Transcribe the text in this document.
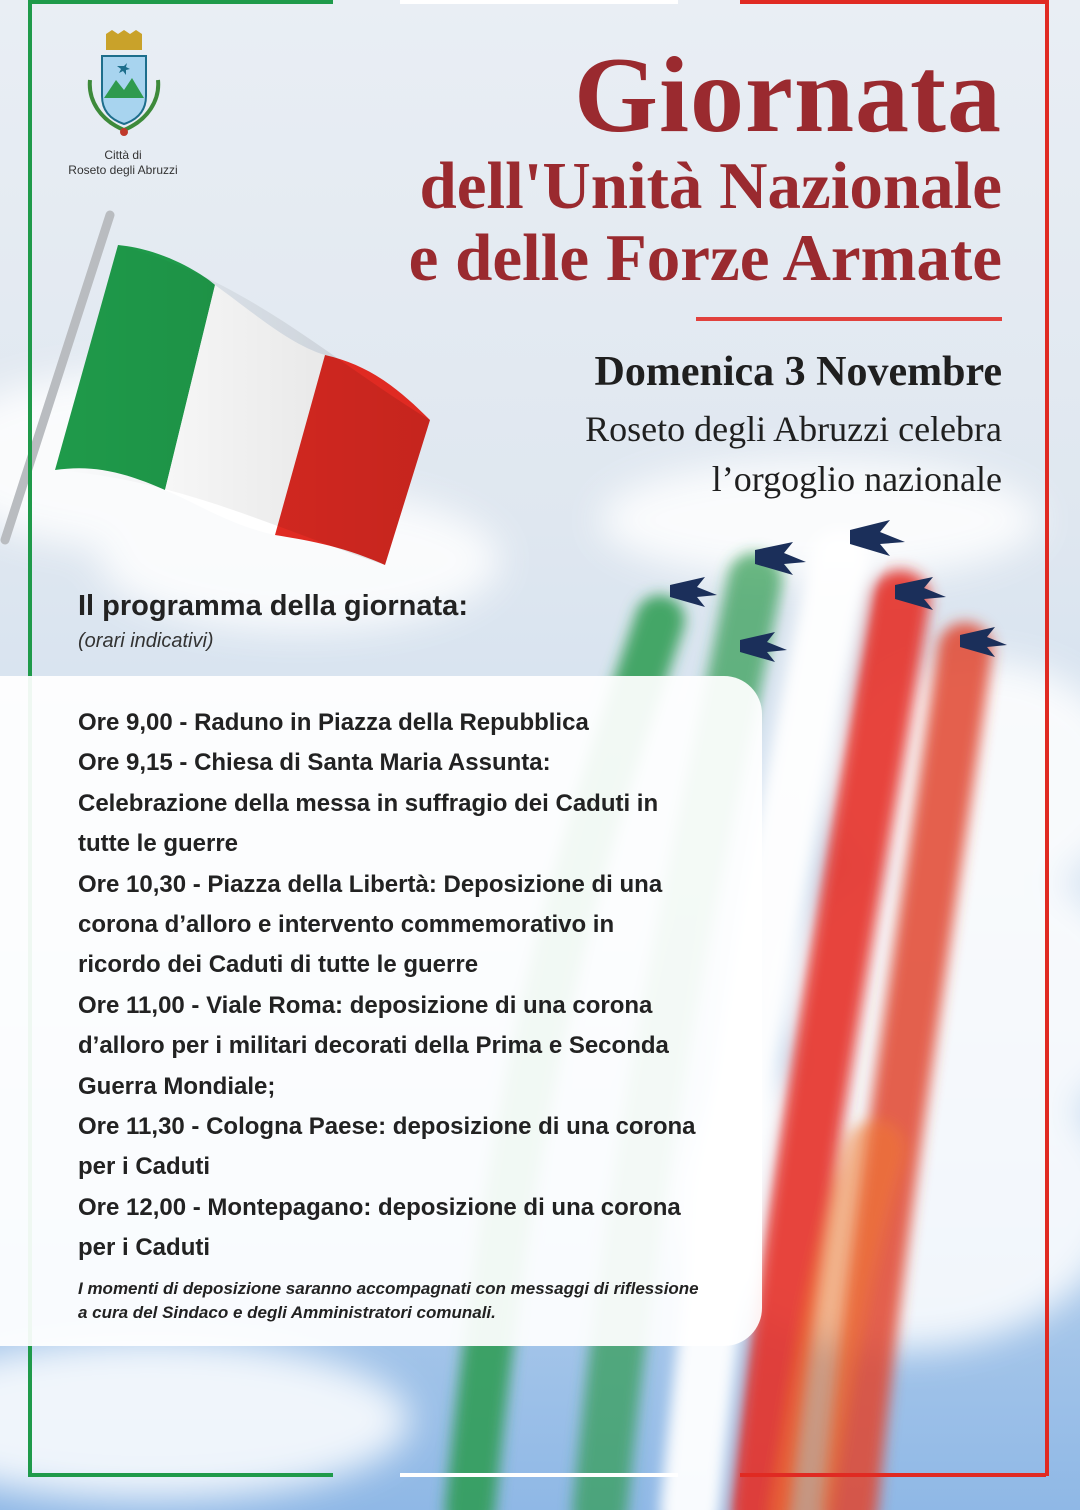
Città di
Roseto degli Abruzzi
Giornata
dell'Unità Nazionale
e delle Forze Armate

Domenica 3 Novembre

Roseto degli Abruzzi celebra
l’orgoglio nazionale

Il programma della giornata:

(orari indicativi)

Ore 9,00 - Raduno in Piazza della Repubblica
Ore 9,15 - Chiesa di Santa Maria Assunta:
Celebrazione della messa in suffragio dei Caduti in
tutte le guerre
Ore 10,30 - Piazza della Libertà: Deposizione di una
corona d’alloro e intervento commemorativo in
ricordo dei Caduti di tutte le guerre
Ore 11,00 - Viale Roma: deposizione di una corona
d’alloro per i militari decorati della Prima e Seconda
Guerra Mondiale;
Ore 11,30 - Cologna Paese: deposizione di una corona
per i Caduti
Ore 12,00 - Montepagano: deposizione di una corona
per i Caduti
I momenti di deposizione saranno accompagnati con messaggi di riflessione
a cura del Sindaco e degli Amministratori comunali.
